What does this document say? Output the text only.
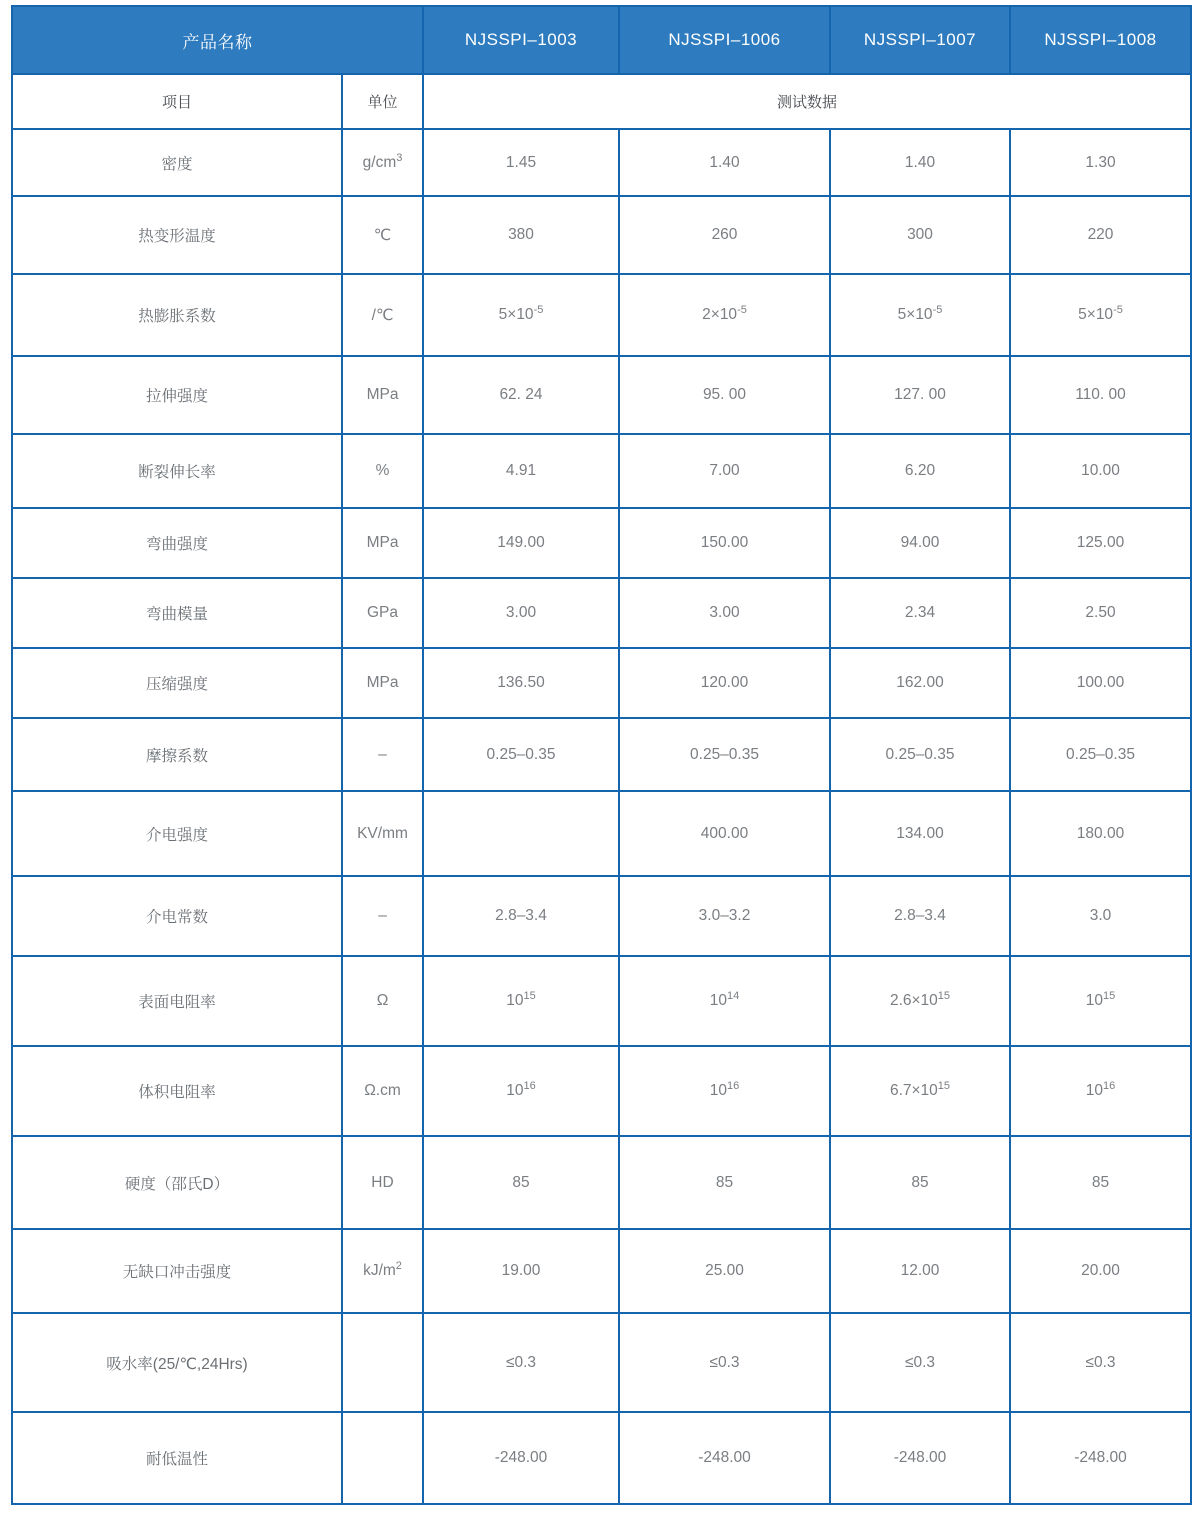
产品名称		NJSSPI–1003	NJSSPI–1006	NJSSPI–1007	NJSSPI–1008
项目	单位	测试数据			
密度	$g/cm^3$	1.45	1.40	1.40	1.30
热变形温度	℃	380	260	300	220
热膨胀系数	/℃	$5\times 10^{-5}$	$2\times 10^{-5}$	$5\times 10^{-5}$	$5\times 10^{-5}$
拉伸强度	MPa	62. 24	95. 00	127. 00	110. 00
断裂伸长率	%	4.91	7.00	6.20	10.00
弯曲强度	MPa	149.00	150.00	94.00	125.00
弯曲模量	GPa	3.00	3.00	2.34	2.50
压缩强度	MPa	136.50	120.00	162.00	100.00
摩擦系数	–	0.25–0.35	0.25–0.35	0.25–0.35	0.25–0.35
介电强度	KV/mm		400.00	134.00	180.00
介电常数	–	2.8–3.4	3.0–3.2	2.8–3.4	3.0
表面电阻率	Ω	$10^{15}$	$10^{14}$	$2.6\times 10^{15}$	$10^{15}$
体积电阻率	Ω.cm	$10^{16}$	$10^{16}$	$6.7\times 10^{15}$	$10^{16}$
硬度（邵氏D）	HD	85	85	85	85
无缺口冲击强度	$kJ/m^2$	19.00	25.00	12.00	20.00
吸水率(25/℃,24Hrs)		≤0.3	≤0.3	≤0.3	≤0.3
耐低温性		-248.00	-248.00	-248.00	-248.00
